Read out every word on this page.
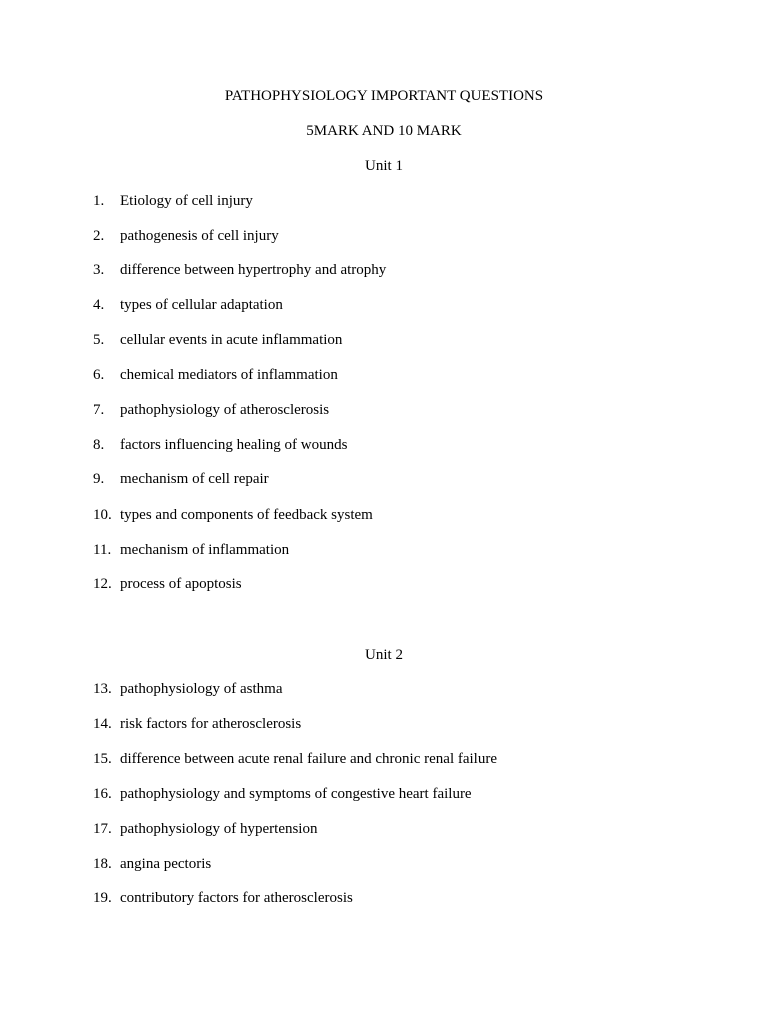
PATHOPHYSIOLOGY IMPORTANT QUESTIONS
5MARK AND 10 MARK
Unit 1
1. Etiology of cell injury
2. pathogenesis of cell injury
3. difference between hypertrophy and atrophy
4. types of cellular adaptation
5. cellular events in acute inflammation
6. chemical mediators of inflammation
7. pathophysiology of atherosclerosis
8. factors influencing healing of wounds
9. mechanism of cell repair
10. types and components of feedback system
11. mechanism of inflammation
12. process of apoptosis
Unit 2
13. pathophysiology of asthma
14. risk factors for atherosclerosis
15. difference between acute renal failure and chronic renal failure
16. pathophysiology and symptoms of congestive heart failure
17. pathophysiology of hypertension
18. angina pectoris
19. contributory factors for atherosclerosis
